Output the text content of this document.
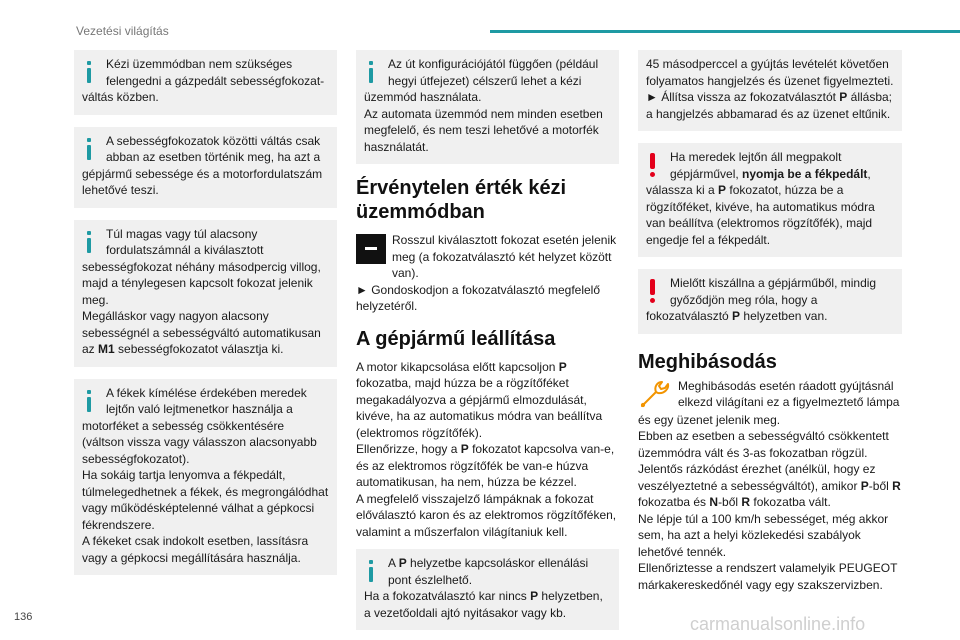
Vezetési világítás

Kézi üzemmódban nem szükséges felengedni a gázpedált sebességfokozat-
váltás közben.

A sebességfokozatok közötti váltás csak abban az esetben történik meg, ha azt a
gépjármű sebessége és a motorfordulatszám lehetővé teszi.

Túl magas vagy túl alacsony fordulatszámnál a kiválasztott
sebességfokozat néhány másodpercig villog, majd a ténylegesen kapcsolt fokozat jelenik meg.

Megálláskor vagy nagyon alacsony sebességnél a sebességváltó automatikusan az M1 sebességfokozatot választja ki.

A fékek kímélése érdekében meredek lejtőn való lejtmenetkor használja a
motorféket a sebesség csökkentésére (váltson vissza vagy válasszon alacsonyabb sebességfokozatot).

Ha sokáig tartja lenyomva a fékpedált, túlmelegedhetnek a fékek, és megrongálódhat vagy működésképtelenné válhat a gépkocsi fékrendszere.

A fékeket csak indokolt esetben, lassításra vagy a gépkocsi megállítására használja.

Az út konfigurációjától függően (például hegyi útfejezet) célszerű lehet a kézi
üzemmód használata.

Az automata üzemmód nem minden esetben megfelelő, és nem teszi lehetővé a motorfék használatát.

Érvénytelen érték kézi üzemmódban

Rosszul kiválasztott fokozat esetén jelenik meg (a fokozatválasztó két helyzet között van).

► Gondoskodjon a fokozatválasztó megfelelő helyzetéről.

A gépjármű leállítása

A motor kikapcsolása előtt kapcsoljon P fokozatba, majd húzza be a rögzítőféket megakadályozva a gépjármű elmozdulását, kivéve, ha az automatikus módra van beállítva (elektromos rögzítőfék).

Ellenőrizze, hogy a P fokozatot kapcsolva van-e, és az elektromos rögzítőfék be van-e húzva automatikusan, ha nem, húzza be kézzel.

A megfelelő visszajelző lámpáknak a fokozat előválasztó karon és az elektromos rögzítőféken, valamint a műszerfalon világítaniuk kell.

A P helyzetbe kapcsoláskor ellenálási pont észlelhető.

Ha a fokozatválasztó kar nincs P helyzetben, a vezetőoldali ajtó nyitásakor vagy kb.

45 másodperccel a gyújtás levételét követően folyamatos hangjelzés és üzenet figyelmezteti.

► Állítsa vissza az fokozatválasztót P állásba; a hangjelzés abbamarad és az üzenet eltűnik.

Ha meredek lejtőn áll megpakolt gépjárművel, nyomja be a fékpedált,

válassza ki a P fokozatot, húzza be a rögzítőféket, kivéve, ha automatikus módra van beállítva (elektromos rögzítőfék), majd engedje fel a fékpedált.

Mielőtt kiszállna a gépjárműből, mindig győződjön meg róla, hogy a

fokozatválasztó P helyzetben van.

Meghibásodás

Meghibásodás esetén ráadott gyújtásnál elkezd világítani ez a figyelmeztető lámpa

és egy üzenet jelenik meg.

Ebben az esetben a sebességváltó csökkentett üzemmódra vált és 3-as fokozatban rögzül.

Jelentős rázkódást érezhet (anélkül, hogy ez veszélyeztetné a sebességváltót), amikor P-ből R fokozatba és N-ből R fokozatba vált.

Ne lépje túl a 100 km/h sebességet, még akkor sem, ha azt a helyi közlekedési szabályok lehetővé tennék.

Ellenőriztesse a rendszert valamelyik PEUGEOT márkakereskedőnél vagy egy szakszervizben.

136	carmanualsonline.info
